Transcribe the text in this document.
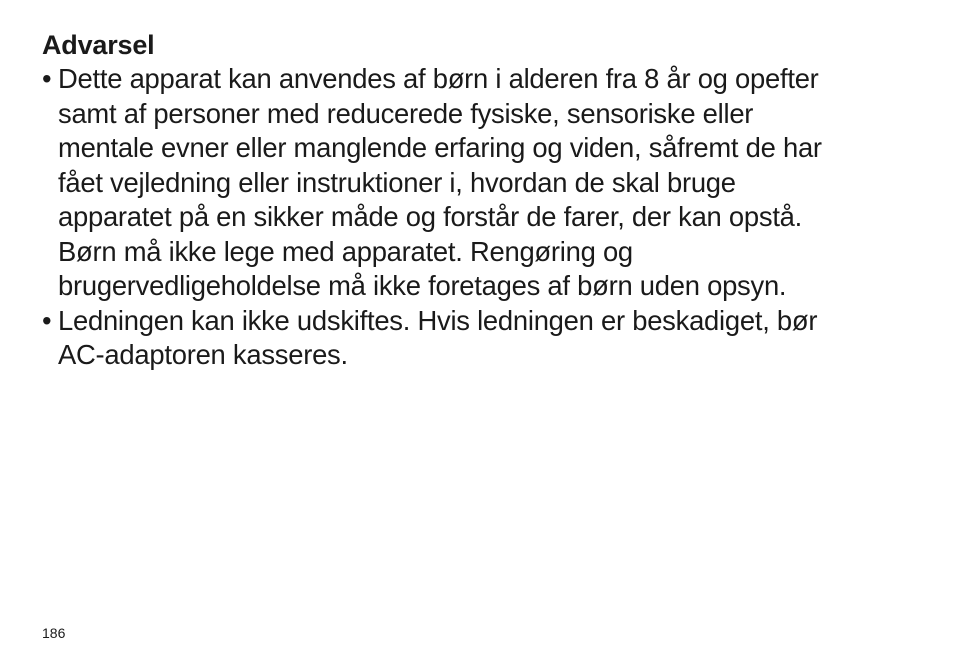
Advarsel
• Dette apparat kan anvendes af børn i alderen fra 8 år og opefter
samt af personer med reducerede fysiske, sensoriske eller
mentale evner eller manglende erfaring og viden, såfremt de har
fået vejledning eller instruktioner i, hvordan de skal bruge
apparatet på en sikker måde og forstår de farer, der kan opstå.
Børn må ikke lege med apparatet. Rengøring og
brugervedligeholdelse må ikke foretages af børn uden opsyn.
• Ledningen kan ikke udskiftes. Hvis ledningen er beskadiget, bør
AC-adaptoren kasseres.
186
